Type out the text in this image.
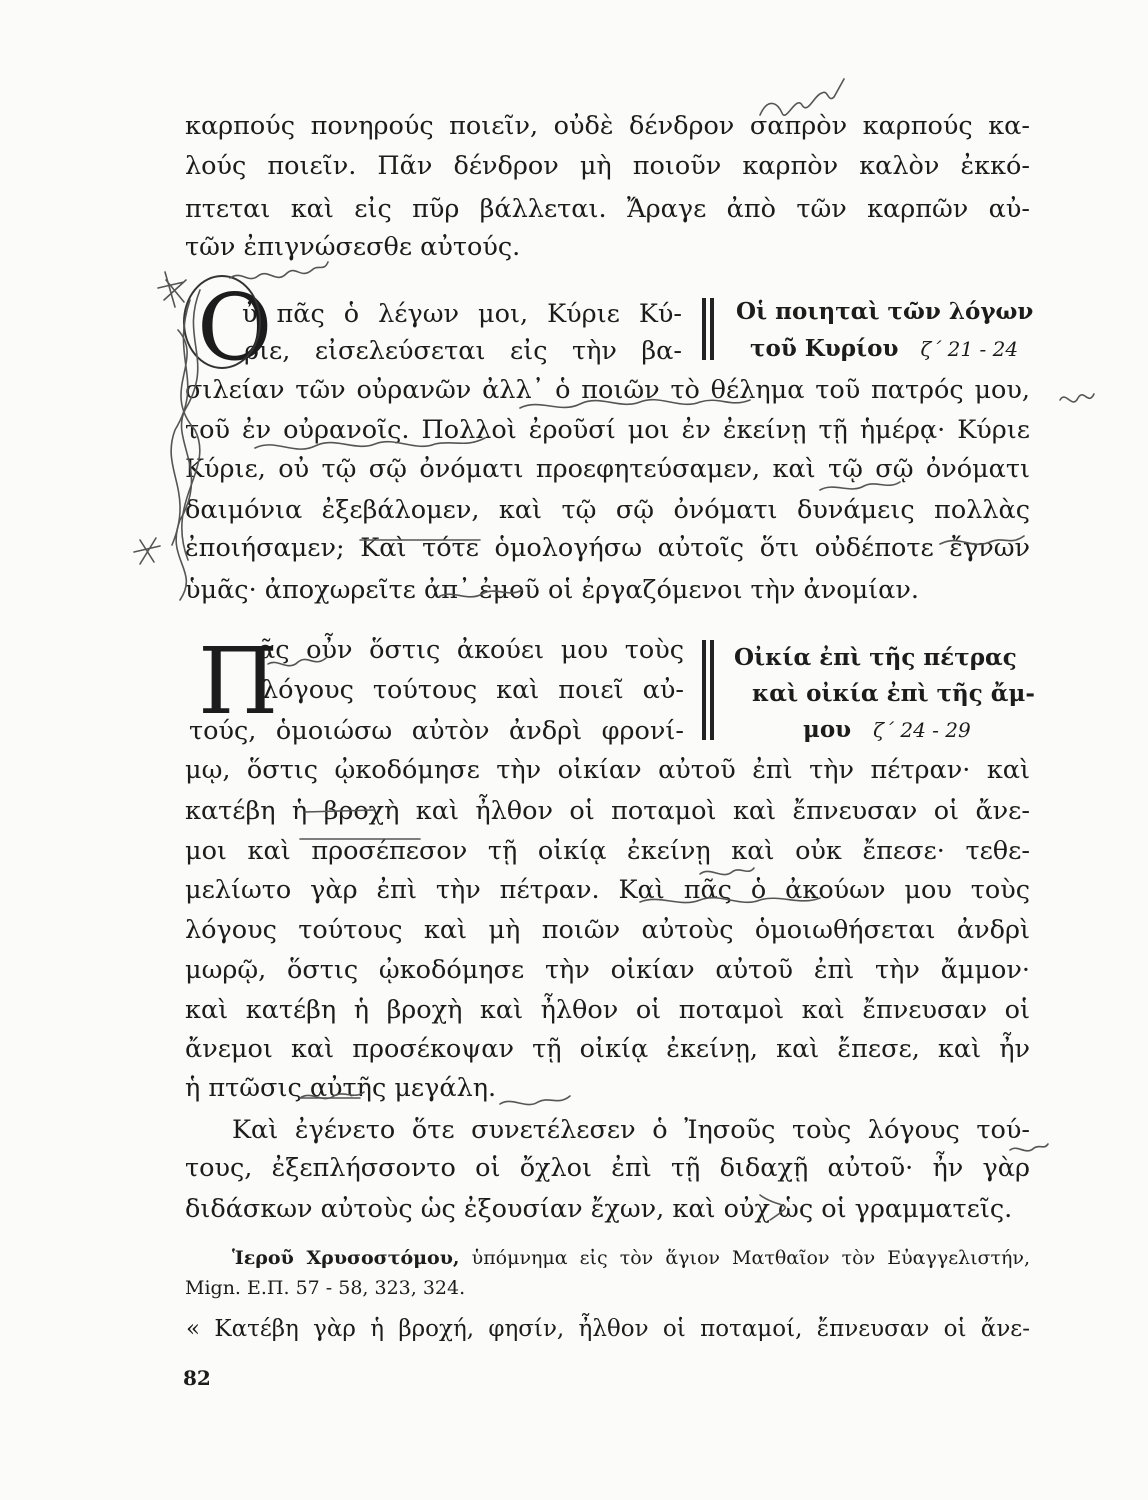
καρπούς πονηρούς ποιεῖν, οὐδὲ δένδρον σαπρὸν καρπούς κα-
λούς ποιεῖν. Πᾶν δένδρον μὴ ποιοῦν καρπὸν καλὸν ἐκκό-
πτεται καὶ εἰς πῦρ βάλλεται. Ἄραγε ἀπὸ τῶν καρπῶν αὐ-
τῶν ἐπιγνώσεσθε αὐτούς.
Ο
ὐ πᾶς ὁ λέγων μοι, Κύριε Κύ-
ριε, εἰσελεύσεται εἰς τὴν βα-
Οἱ ποιηταὶ τῶν λόγων
τοῦ Κυρίου ζ΄ 21 - 24
σιλείαν τῶν οὐρανῶν ἀλλ᾿ ὁ ποιῶν τὸ θέλημα τοῦ πατρός μου,
τοῦ ἐν οὐρανοῖς. Πολλοὶ ἐροῦσί μοι ἐν ἐκείνῃ τῇ ἡμέρᾳ· Κύριε
Κύριε, οὐ τῷ σῷ ὀνόματι προεφητεύσαμεν, καὶ τῷ σῷ ὀνόματι
δαιμόνια ἐξεβάλομεν, καὶ τῷ σῷ ὀνόματι δυνάμεις πολλὰς
ἐποιήσαμεν; Καὶ τότε ὁμολογήσω αὐτοῖς ὅτι οὐδέποτε ἔγνων
ὑμᾶς· ἀποχωρεῖτε ἀπ᾿ ἐμοῦ οἱ ἐργαζόμενοι τὴν ἀνομίαν.
Π
ᾶς οὖν ὅστις ἀκούει μου τοὺς
λόγους τούτους καὶ ποιεῖ αὐ-
τούς, ὁμοιώσω αὐτὸν ἀνδρὶ φρονί-
Οἰκία ἐπὶ τῆς πέτρας
καὶ οἰκία ἐπὶ τῆς ἄμ-
μου ζ΄ 24 - 29
μῳ, ὅστις ᾠκοδόμησε τὴν οἰκίαν αὐτοῦ ἐπὶ τὴν πέτραν· καὶ
κατέβη ἡ βροχὴ καὶ ἦλθον οἱ ποταμοὶ καὶ ἔπνευσαν οἱ ἄνε-
μοι καὶ προσέπεσον τῇ οἰκίᾳ ἐκείνῃ καὶ οὐκ ἔπεσε· τεθε-
μελίωτο γὰρ ἐπὶ τὴν πέτραν. Καὶ πᾶς ὁ ἀκούων μου τοὺς
λόγους τούτους καὶ μὴ ποιῶν αὐτοὺς ὁμοιωθήσεται ἀνδρὶ
μωρῷ, ὅστις ᾠκοδόμησε τὴν οἰκίαν αὐτοῦ ἐπὶ τὴν ἄμμον·
καὶ κατέβη ἡ βροχὴ καὶ ἦλθον οἱ ποταμοὶ καὶ ἔπνευσαν οἱ
ἄνεμοι καὶ προσέκοψαν τῇ οἰκίᾳ ἐκείνῃ, καὶ ἔπεσε, καὶ ἦν
ἡ πτῶσις αὐτῆς μεγάλη.
Καὶ ἐγένετο ὅτε συνετέλεσεν ὁ Ἰησοῦς τοὺς λόγους τού-
τους, ἐξεπλήσσοντο οἱ ὄχλοι ἐπὶ τῇ διδαχῇ αὐτοῦ· ἦν γὰρ
διδάσκων αὐτοὺς ὡς ἐξουσίαν ἔχων, καὶ οὐχ ὡς οἱ γραμματεῖς.
Ἱεροῦ Χρυσοστόμου, ὑπόμνημα εἰς τὸν ἅγιον Ματθαῖον τὸν Εὐαγγελιστήν,
Mign. Ε.Π. 57 - 58, 323, 324.
« Κατέβη γὰρ ἡ βροχή, φησίν, ἦλθον οἱ ποταμοί, ἔπνευσαν οἱ ἄνε-
82
